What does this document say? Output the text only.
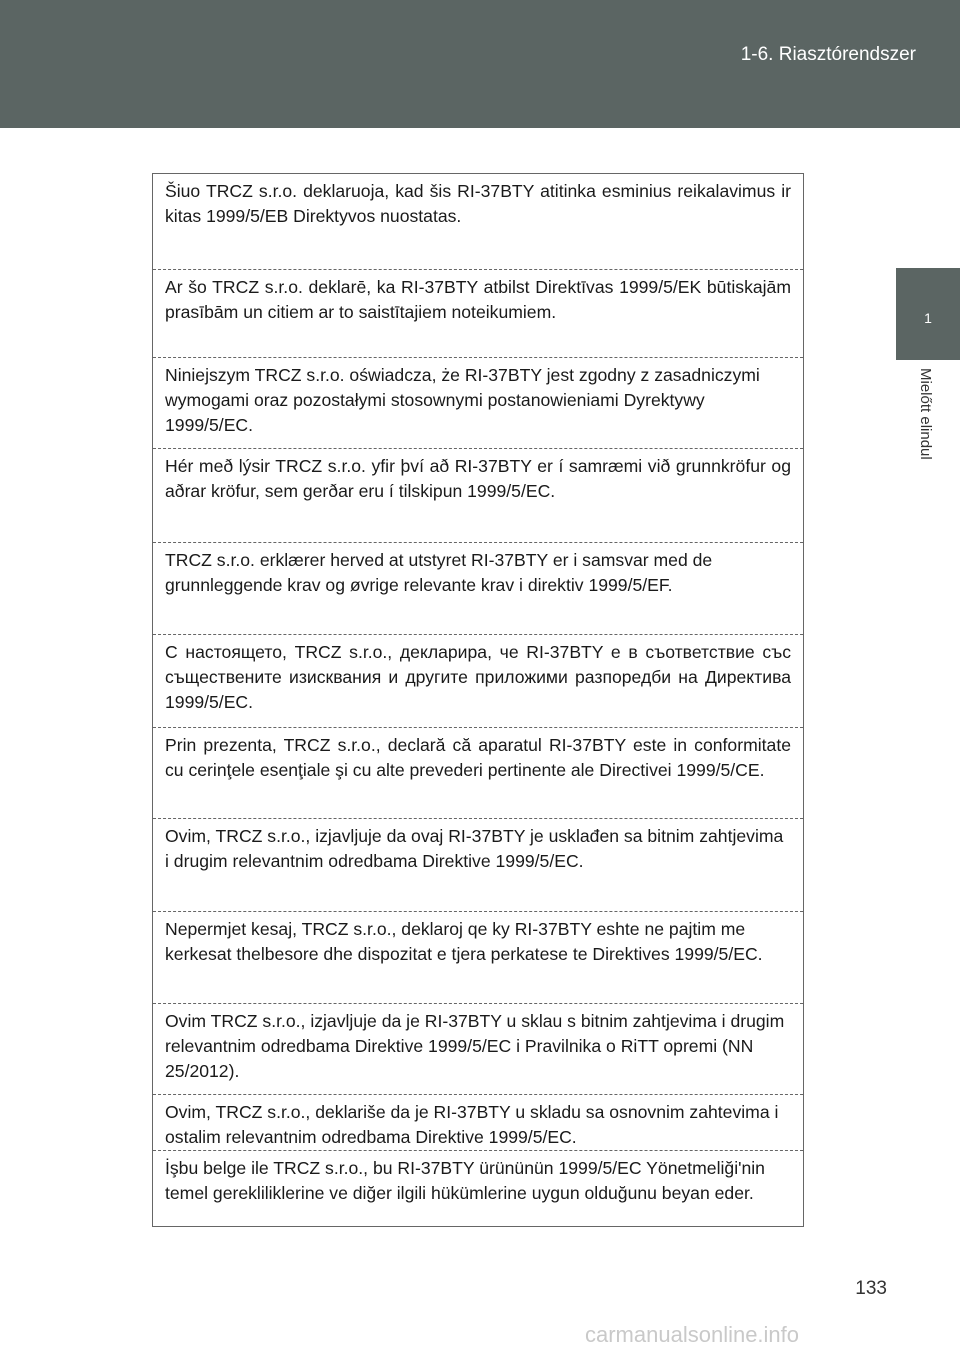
1-6. Riasztórendszer
1
Mielőtt elindul
Šiuo TRCZ s.r.o. deklaruoja, kad šis RI-37BTY atitinka esminius reikalavimus ir kitas 1999/5/EB Direktyvos nuostatas.
Ar šo TRCZ s.r.o. deklarē, ka RI-37BTY atbilst Direktīvas 1999/5/EK būtiskajām prasībām un citiem ar to saistītajiem noteikumiem.
Niniejszym TRCZ s.r.o. oświadcza, że RI-37BTY jest zgodny z zasadniczymi wymogami oraz pozostałymi stosownymi postanowieniami Dyrektywy 1999/5/EC.
Hér með lýsir TRCZ s.r.o. yfir því að RI-37BTY er í samræmi við grunnkröfur og aðrar kröfur, sem gerðar eru í tilskipun 1999/5/EC.
TRCZ s.r.o. erklærer herved at utstyret RI-37BTY er i samsvar med de grunnleggende krav og øvrige relevante krav i direktiv 1999/5/EF.
С настоящето, TRCZ s.r.o., декларира, че RI-37BTY е в съответствие със съществените изисквания и другите приложими разпоредби на Директива 1999/5/EC.
Prin prezenta, TRCZ s.r.o., declară că aparatul RI-37BTY este in conformitate cu cerinţele esenţiale şi cu alte prevederi pertinente ale Directivei 1999/5/CE.
Ovim, TRCZ s.r.o., izjavljuje da ovaj RI-37BTY je usklađen sa bitnim zahtjevima i drugim relevantnim odredbama Direktive 1999/5/EC.
Nepermjet kesaj, TRCZ s.r.o., deklaroj qe ky RI-37BTY eshte ne pajtim me kerkesat thelbesore dhe dispozitat e tjera perkatese te Direktives 1999/5/EC.
Ovim TRCZ s.r.o., izjavljuje da je RI-37BTY u sklau s bitnim zahtjevima i drugim relevantnim odredbama Direktive 1999/5/EC i Pravilnika o RiTT opremi (NN 25/2012).
Ovim, TRCZ s.r.o., deklariše da je RI-37BTY u skladu sa osnovnim zahtevima i ostalim relevantnim odredbama Direktive 1999/5/EC.
İşbu belge ile TRCZ s.r.o., bu RI-37BTY ürününün 1999/5/EC Yönetmeliği'nin temel gerekliliklerine ve diğer ilgili hükümlerine uygun olduğunu beyan eder.
133
carmanualsonline.info
